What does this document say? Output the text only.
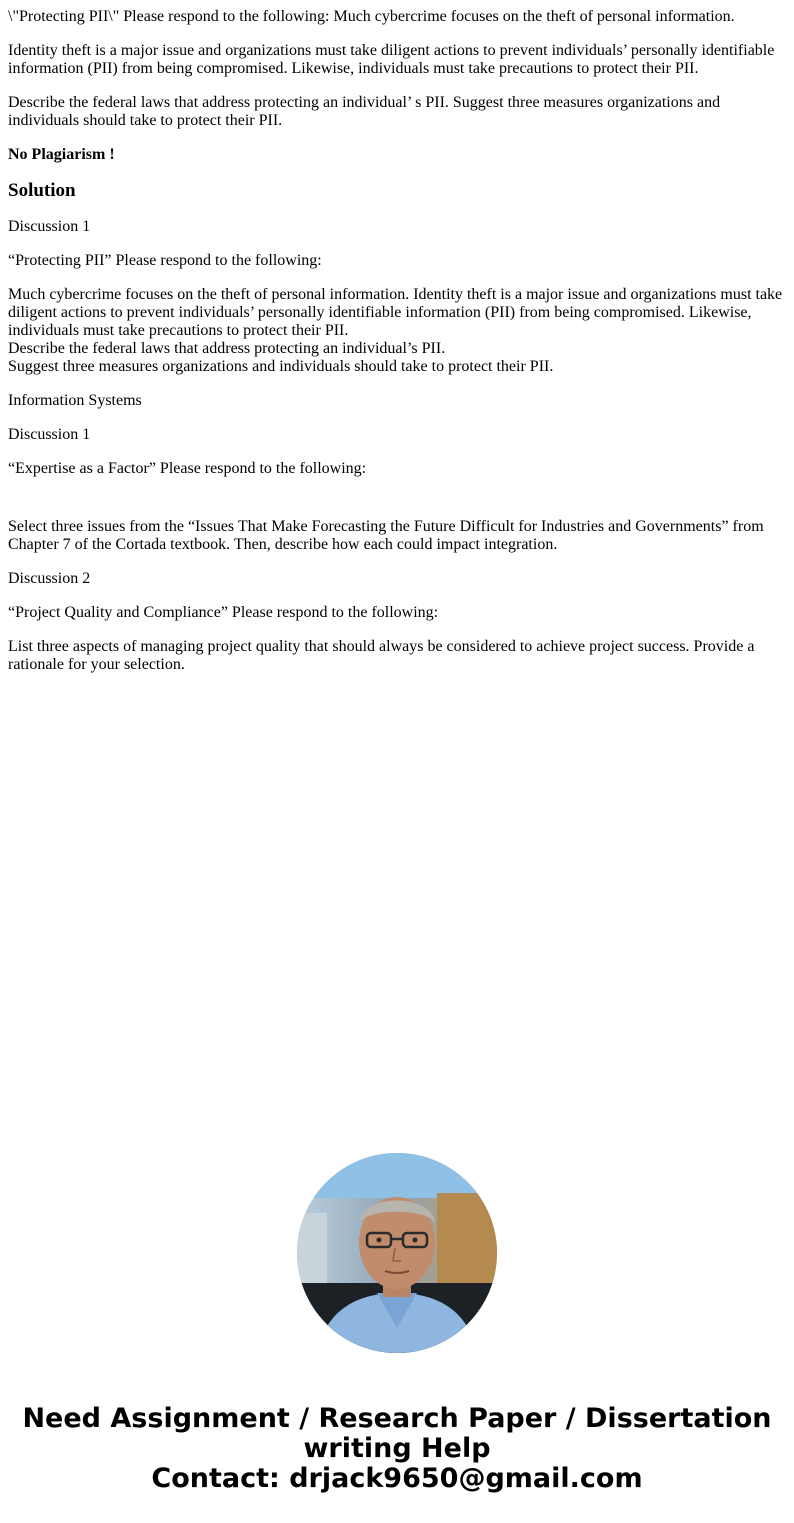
\"Protecting PII\" Please respond to the following: Much cybercrime focuses on the theft of personal information.

Identity theft is a major issue and organizations must take diligent actions to prevent individuals’ personally identifiable information (PII) from being compromised. Likewise, individuals must take precautions to protect their PII.

Describe the federal laws that address protecting an individual’ s PII. Suggest three measures organizations and individuals should take to protect their PII.

No Plagiarism !

Solution

Discussion 1

“Protecting PII” Please respond to the following:

Much cybercrime focuses on the theft of personal information. Identity theft is a major issue and organizations must take diligent actions to prevent individuals’ personally identifiable information (PII) from being compromised. Likewise, individuals must take precautions to protect their PII.
Describe the federal laws that address protecting an individual’s PII.
Suggest three measures organizations and individuals should take to protect their PII.

Information Systems

Discussion 1

“Expertise as a Factor” Please respond to the following:

Select three issues from the “Issues That Make Forecasting the Future Difficult for Industries and Governments” from Chapter 7 of the Cortada textbook. Then, describe how each could impact integration.

Discussion 2

“Project Quality and Compliance” Please respond to the following:

List three aspects of managing project quality that should always be considered to achieve project success. Provide a rationale for your selection.

Need Assignment / Research Paper / Dissertation
writing Help
Contact: drjack9650@gmail.com
